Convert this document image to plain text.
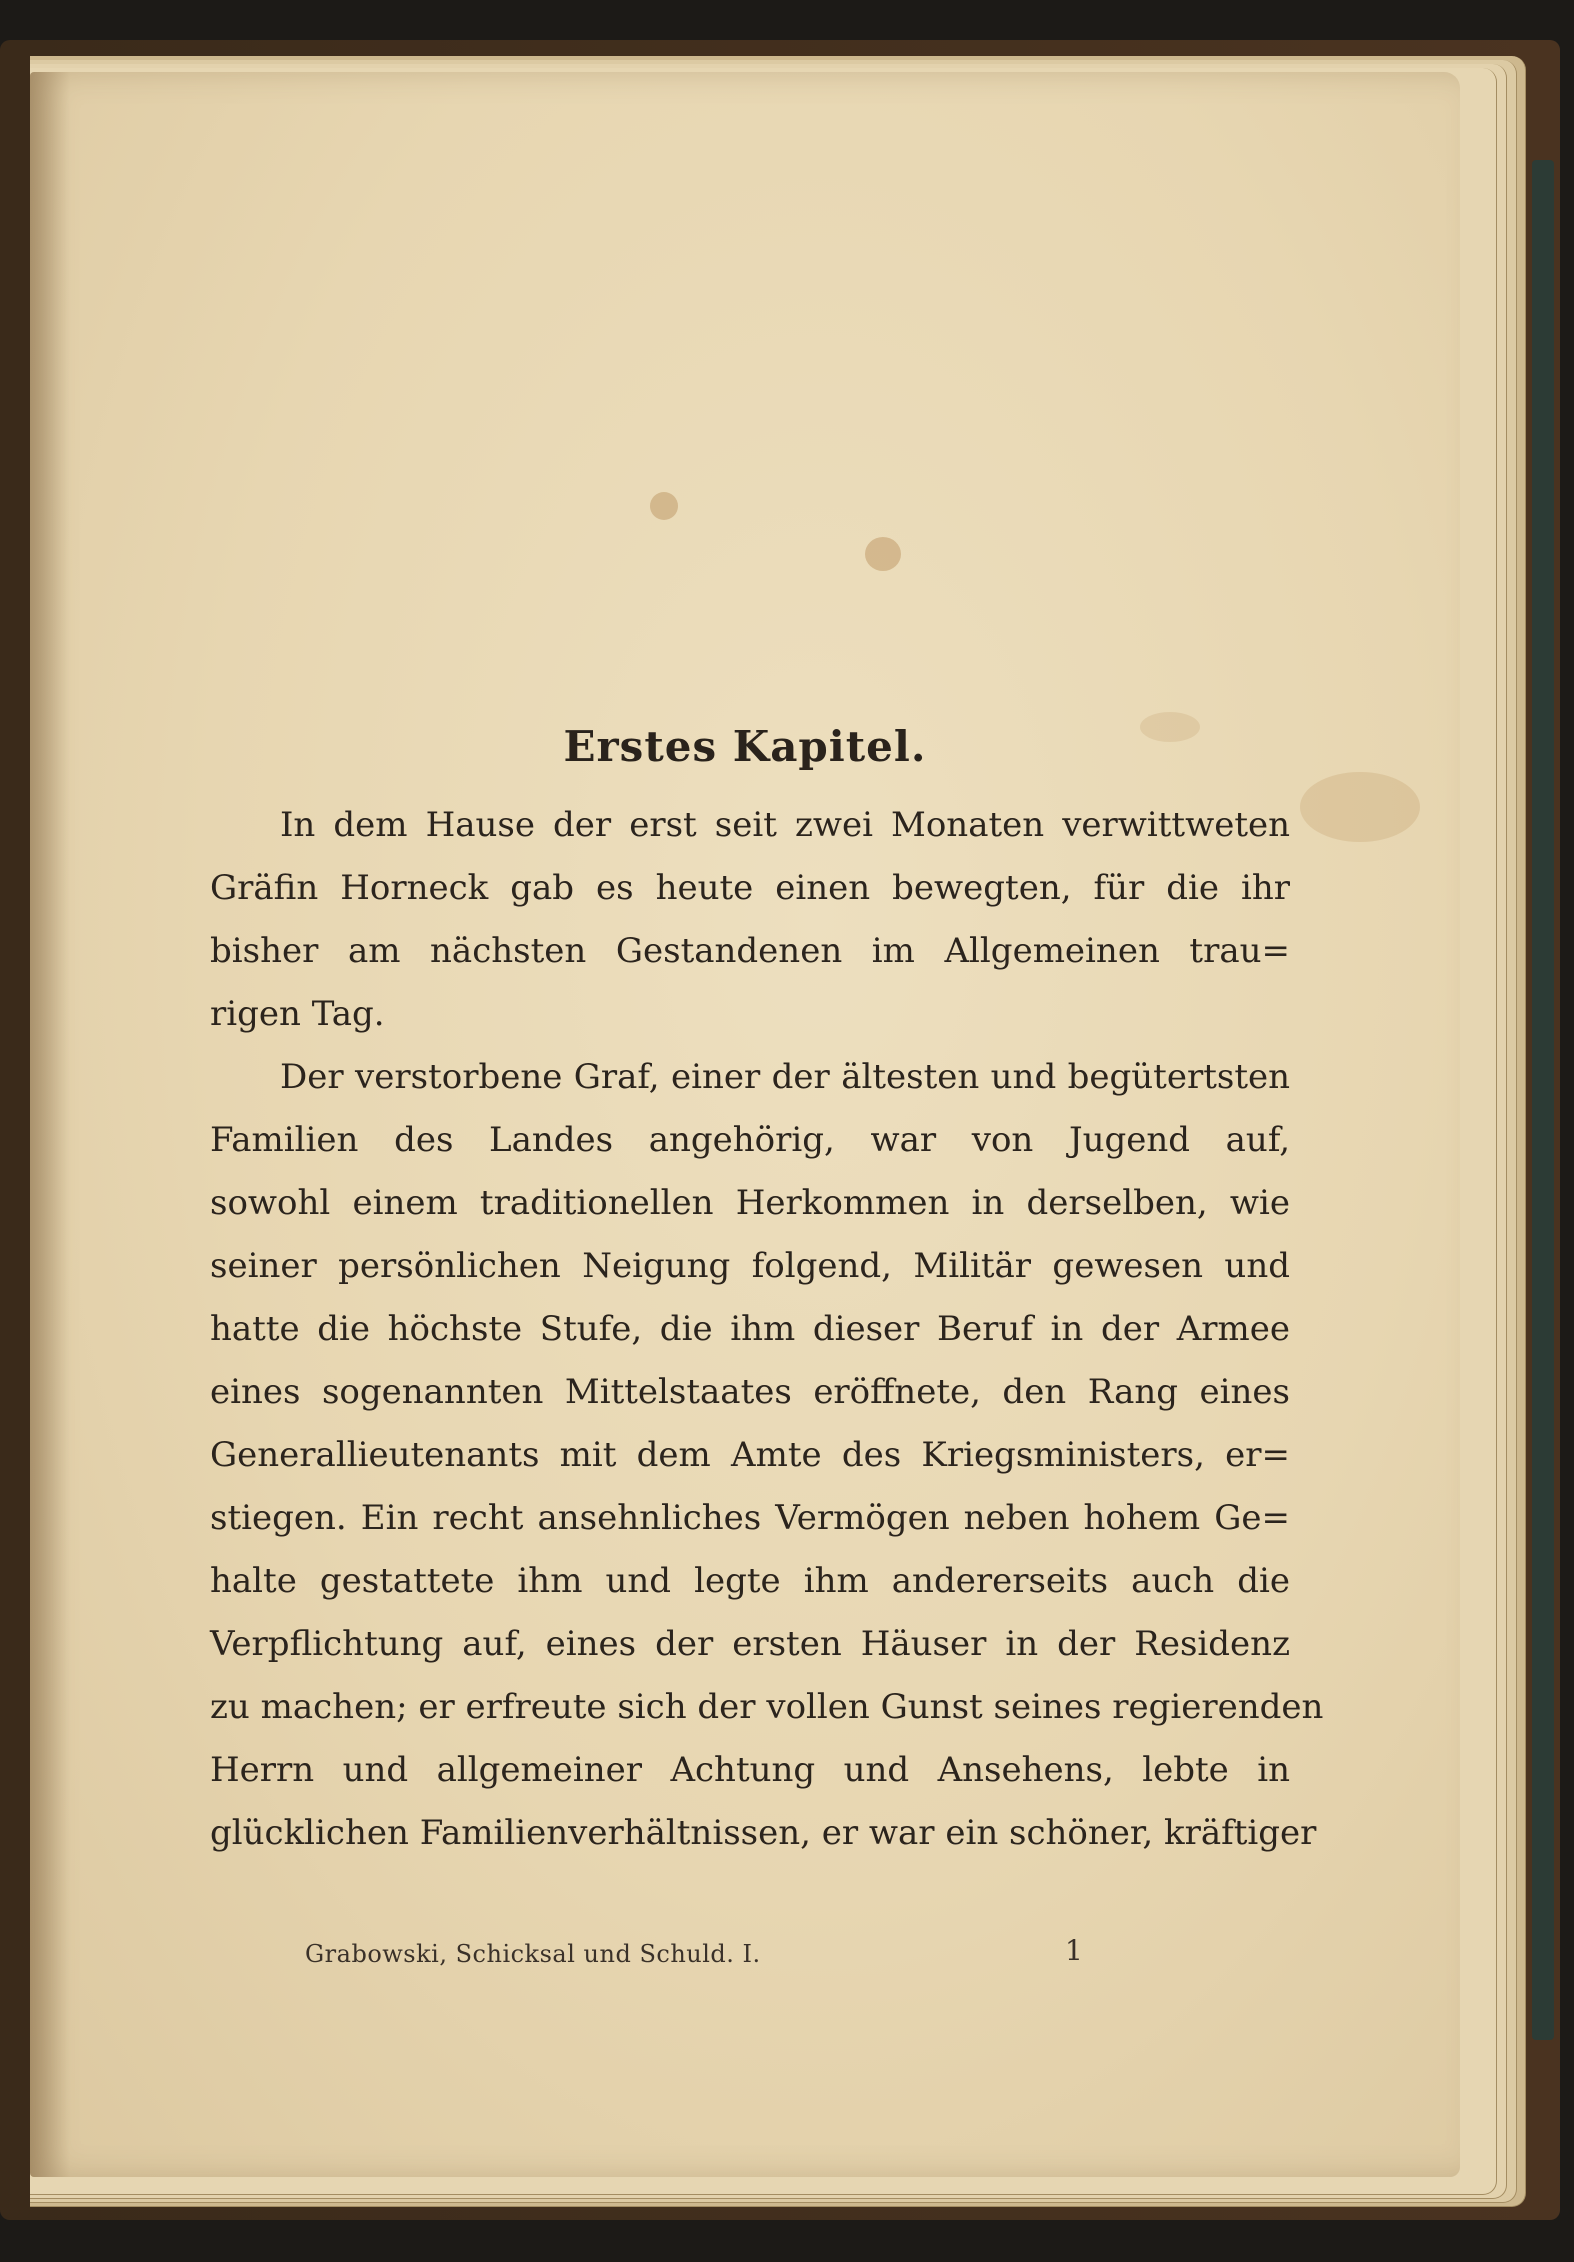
Erstes Kapitel.

In dem Hause der erst seit zwei Monaten verwittweten
Gräfin Horneck gab es heute einen bewegten, für die ihr
bisher am nächsten Gestandenen im Allgemeinen trau=
rigen Tag.

Der verstorbene Graf, einer der ältesten und begütertsten
Familien des Landes angehörig, war von Jugend auf,
sowohl einem traditionellen Herkommen in derselben, wie
seiner persönlichen Neigung folgend, Militär gewesen und
hatte die höchste Stufe, die ihm dieser Beruf in der Armee
eines sogenannten Mittelstaates eröffnete, den Rang eines
Generallieutenants mit dem Amte des Kriegsministers, er=
stiegen. Ein recht ansehnliches Vermögen neben hohem Ge=
halte gestattete ihm und legte ihm andererseits auch die
Verpflichtung auf, eines der ersten Häuser in der Residenz
zu machen; er erfreute sich der vollen Gunst seines regierenden
Herrn und allgemeiner Achtung und Ansehens, lebte in
glücklichen Familienverhältnissen, er war ein schöner, kräftiger

Grabowski, Schicksal und Schuld. I.	1
